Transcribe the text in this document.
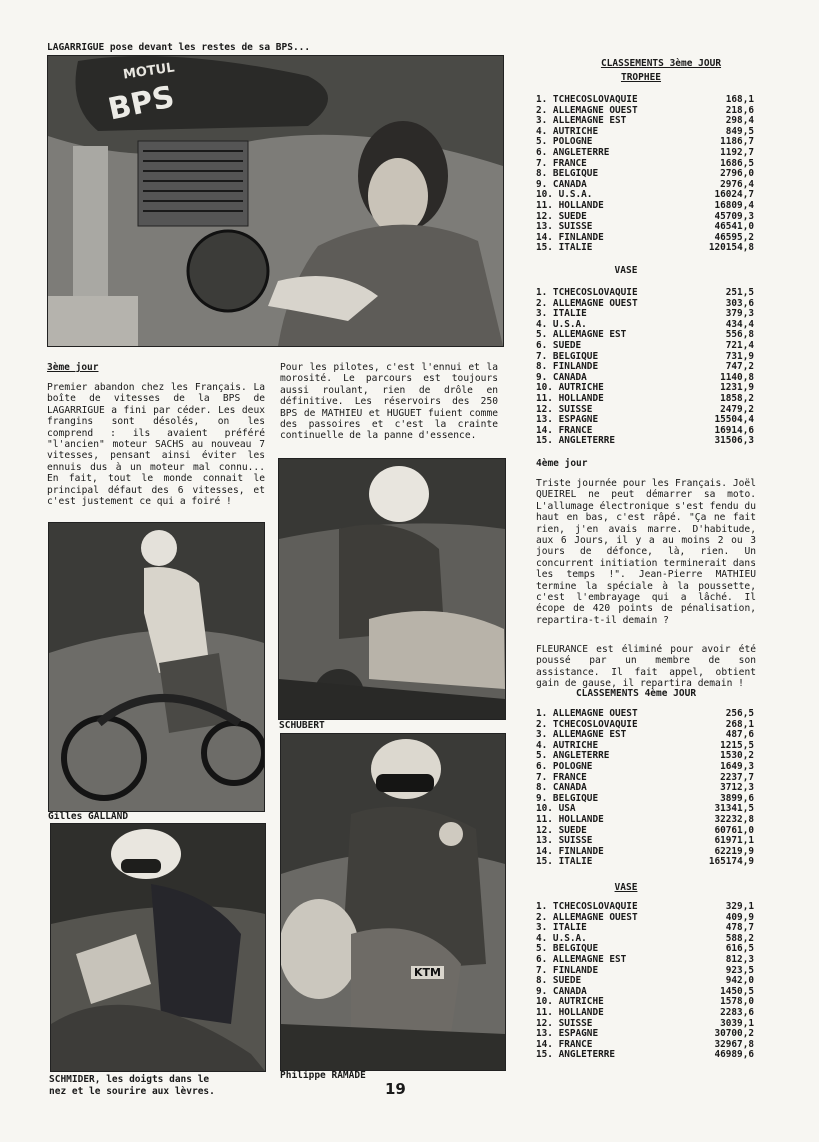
LAGARRIGUE pose devant les restes de sa BPS...
MOTUL
BPS
3ème jour
Premier abandon chez les Français. La boîte de vitesses de la BPS de LAGARRIGUE a fini par céder. Les deux frangins sont désolés, on les comprend : ils avaient préféré "l'ancien" moteur SACHS au nouveau 7 vitesses, pensant ainsi éviter les ennuis dus à un moteur mal connu... En fait, tout le monde connait le principal défaut des 6 vitesses, et c'est justement ce qui a foiré !
Pour les pilotes, c'est l'ennui et la morosité. Le parcours est toujours aussi roulant, rien de drôle en définitive. Les réservoirs des 250 BPS de MATHIEU et HUGUET fuient comme des passoires et c'est la crainte continuelle de la panne d'essence.
Gilles GALLAND
SCHMIDER, les doigts dans le
nez et le sourire aux lèvres.
SCHUBERT
KTM
Philippe RAMADE
19
CLASSEMENTS 3ème JOUR
TROPHEE
1. TCHECOSLOVAQUIE	168,1
2. ALLEMAGNE OUEST	218,6
3. ALLEMAGNE EST	298,4
4. AUTRICHE	849,5
5. POLOGNE	1186,7
6. ANGLETERRE	1192,7
7. FRANCE	1686,5
8. BELGIQUE	2796,0
9. CANADA	2976,4
10. U.S.A.	16024,7
11. HOLLANDE	16809,4
12. SUEDE	45709,3
13. SUISSE	46541,0
14. FINLANDE	46595,2
15. ITALIE	120154,8
VASE
1. TCHECOSLOVAQUIE	251,5
2. ALLEMAGNE OUEST	303,6
3. ITALIE	379,3
4. U.S.A.	434,4
5. ALLEMAGNE EST	556,8
6. SUEDE	721,4
7. BELGIQUE	731,9
8. FINLANDE	747,2
9. CANADA	1140,8
10. AUTRICHE	1231,9
11. HOLLANDE	1858,2
12. SUISSE	2479,2
13. ESPAGNE	15504,4
14. FRANCE	16914,6
15. ANGLETERRE	31506,3
4ème jour
Triste journée pour les Français. Joël QUEIREL ne peut démarrer sa moto. L'allumage électronique s'est fendu du haut en bas, c'est râpé. "Ça ne fait rien, j'en avais marre. D'habitude, aux 6 Jours, il y a au moins 2 ou 3 jours de défonce, là, rien. Un concurrent initiation terminerait dans les temps !". Jean-Pierre MATHIEU termine la spéciale à la poussette, c'est l'embrayage qui a lâché. Il écope de 420 points de pénalisation, repartira-t-il demain ?
FLEURANCE est éliminé pour avoir été poussé par un membre de son assistance. Il fait appel, obtient gain de gause, il repartira demain !
CLASSEMENTS 4ème JOUR
1. ALLEMAGNE OUEST	256,5
2. TCHECOSLOVAQUIE	268,1
3. ALLEMAGNE EST	487,6
4. AUTRICHE	1215,5
5. ANGLETERRE	1530,2
6. POLOGNE	1649,3
7. FRANCE	2237,7
8. CANADA	3712,3
9. BELGIQUE	3899,6
10. USA	31341,5
11. HOLLANDE	32232,8
12. SUEDE	60761,0
13. SUISSE	61971,1
14. FINLANDE	62219,9
15. ITALIE	165174,9
VASE
1. TCHECOSLOVAQUIE	329,1
2. ALLEMAGNE OUEST	409,9
3. ITALIE	478,7
4. U.S.A.	588,2
5. BELGIQUE	616,5
6. ALLEMAGNE EST	812,3
7. FINLANDE	923,5
8. SUEDE	942,0
9. CANADA	1450,5
10. AUTRICHE	1578,0
11. HOLLANDE	2283,6
12. SUISSE	3039,1
13. ESPAGNE	30700,2
14. FRANCE	32967,8
15. ANGLETERRE	46989,6
